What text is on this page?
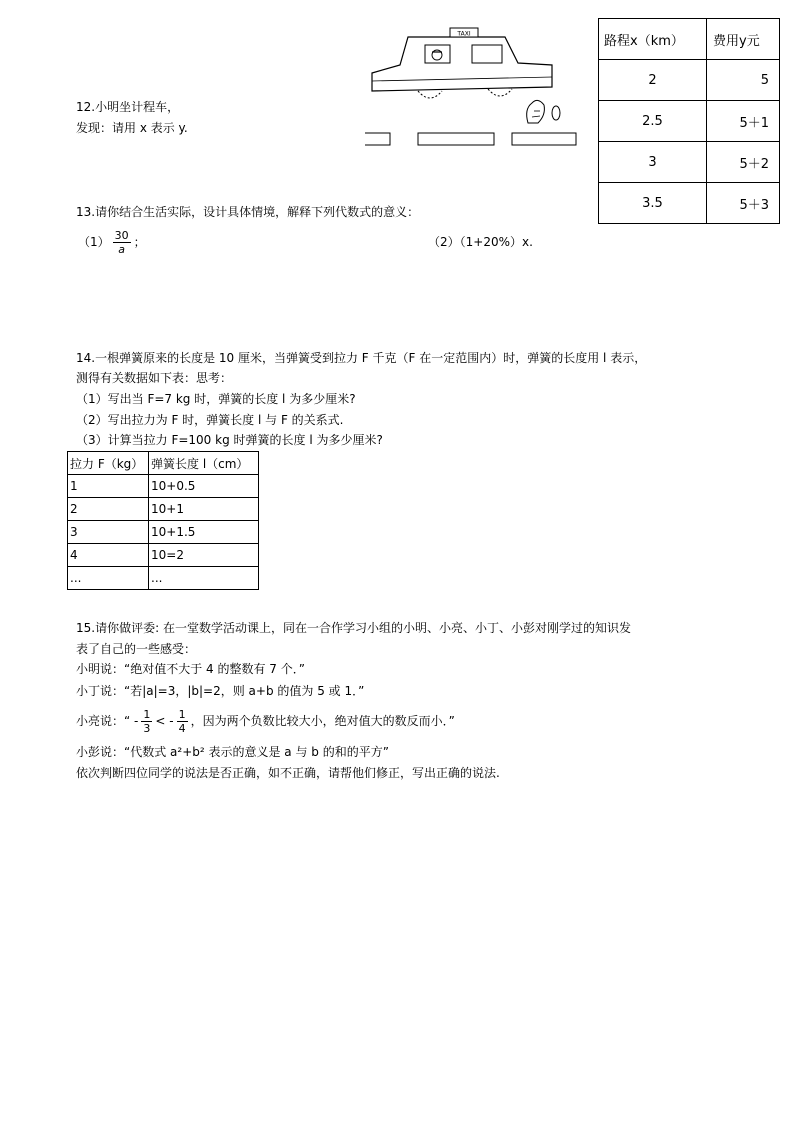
12.小明坐计程车，
发现：请用 x 表示 y.
TAXI	路程x（km）	费用y元
2	5
2.5	5＋1
3	5＋2
3.5	5＋3
13.请你结合生活实际，设计具体情境，解释下列代数式的意义：
$(1) \frac{30}{a}$ ；	（2）（1+20%）x.
14.一根弹簧原来的长度是 10 厘米，当弹簧受到拉力 F 千克（F 在一定范围内）时，弹簧的长度用 l 表示，
测得有关数据如下表：思考：
（1）写出当 F=7 kg 时，弹簧的长度 l 为多少厘米?
（2）写出拉力为 F 时，弹簧长度 l 与 F 的关系式.
（3）计算当拉力 F=100 kg 时弹簧的长度 l 为多少厘米?
拉力 F（kg）	弹簧长度 l（cm）
1	10+0.5
2	10+1
3	10+1.5
4	10=2
...	...
15.请你做评委: 在一堂数学活动课上，同在一合作学习小组的小明、小亮、小丁、小彭对刚学过的知识发
表了自己的一些感受：
小明说：“绝对值不大于 4 的整数有 7 个．”
小丁说：“若|a|=3，|b|=2，则 a+b 的值为 5 或 1．”
小亮说：“ - $\frac{1}{3}$ < - $\frac{1}{4}$ ，因为两个负数比较大小，绝对值大的数反而小．”
小彭说：“代数式 a²+b² 表示的意义是 a 与 b 的和的平方”
依次判断四位同学的说法是否正确，如不正确，请帮他们修正，写出正确的说法.
